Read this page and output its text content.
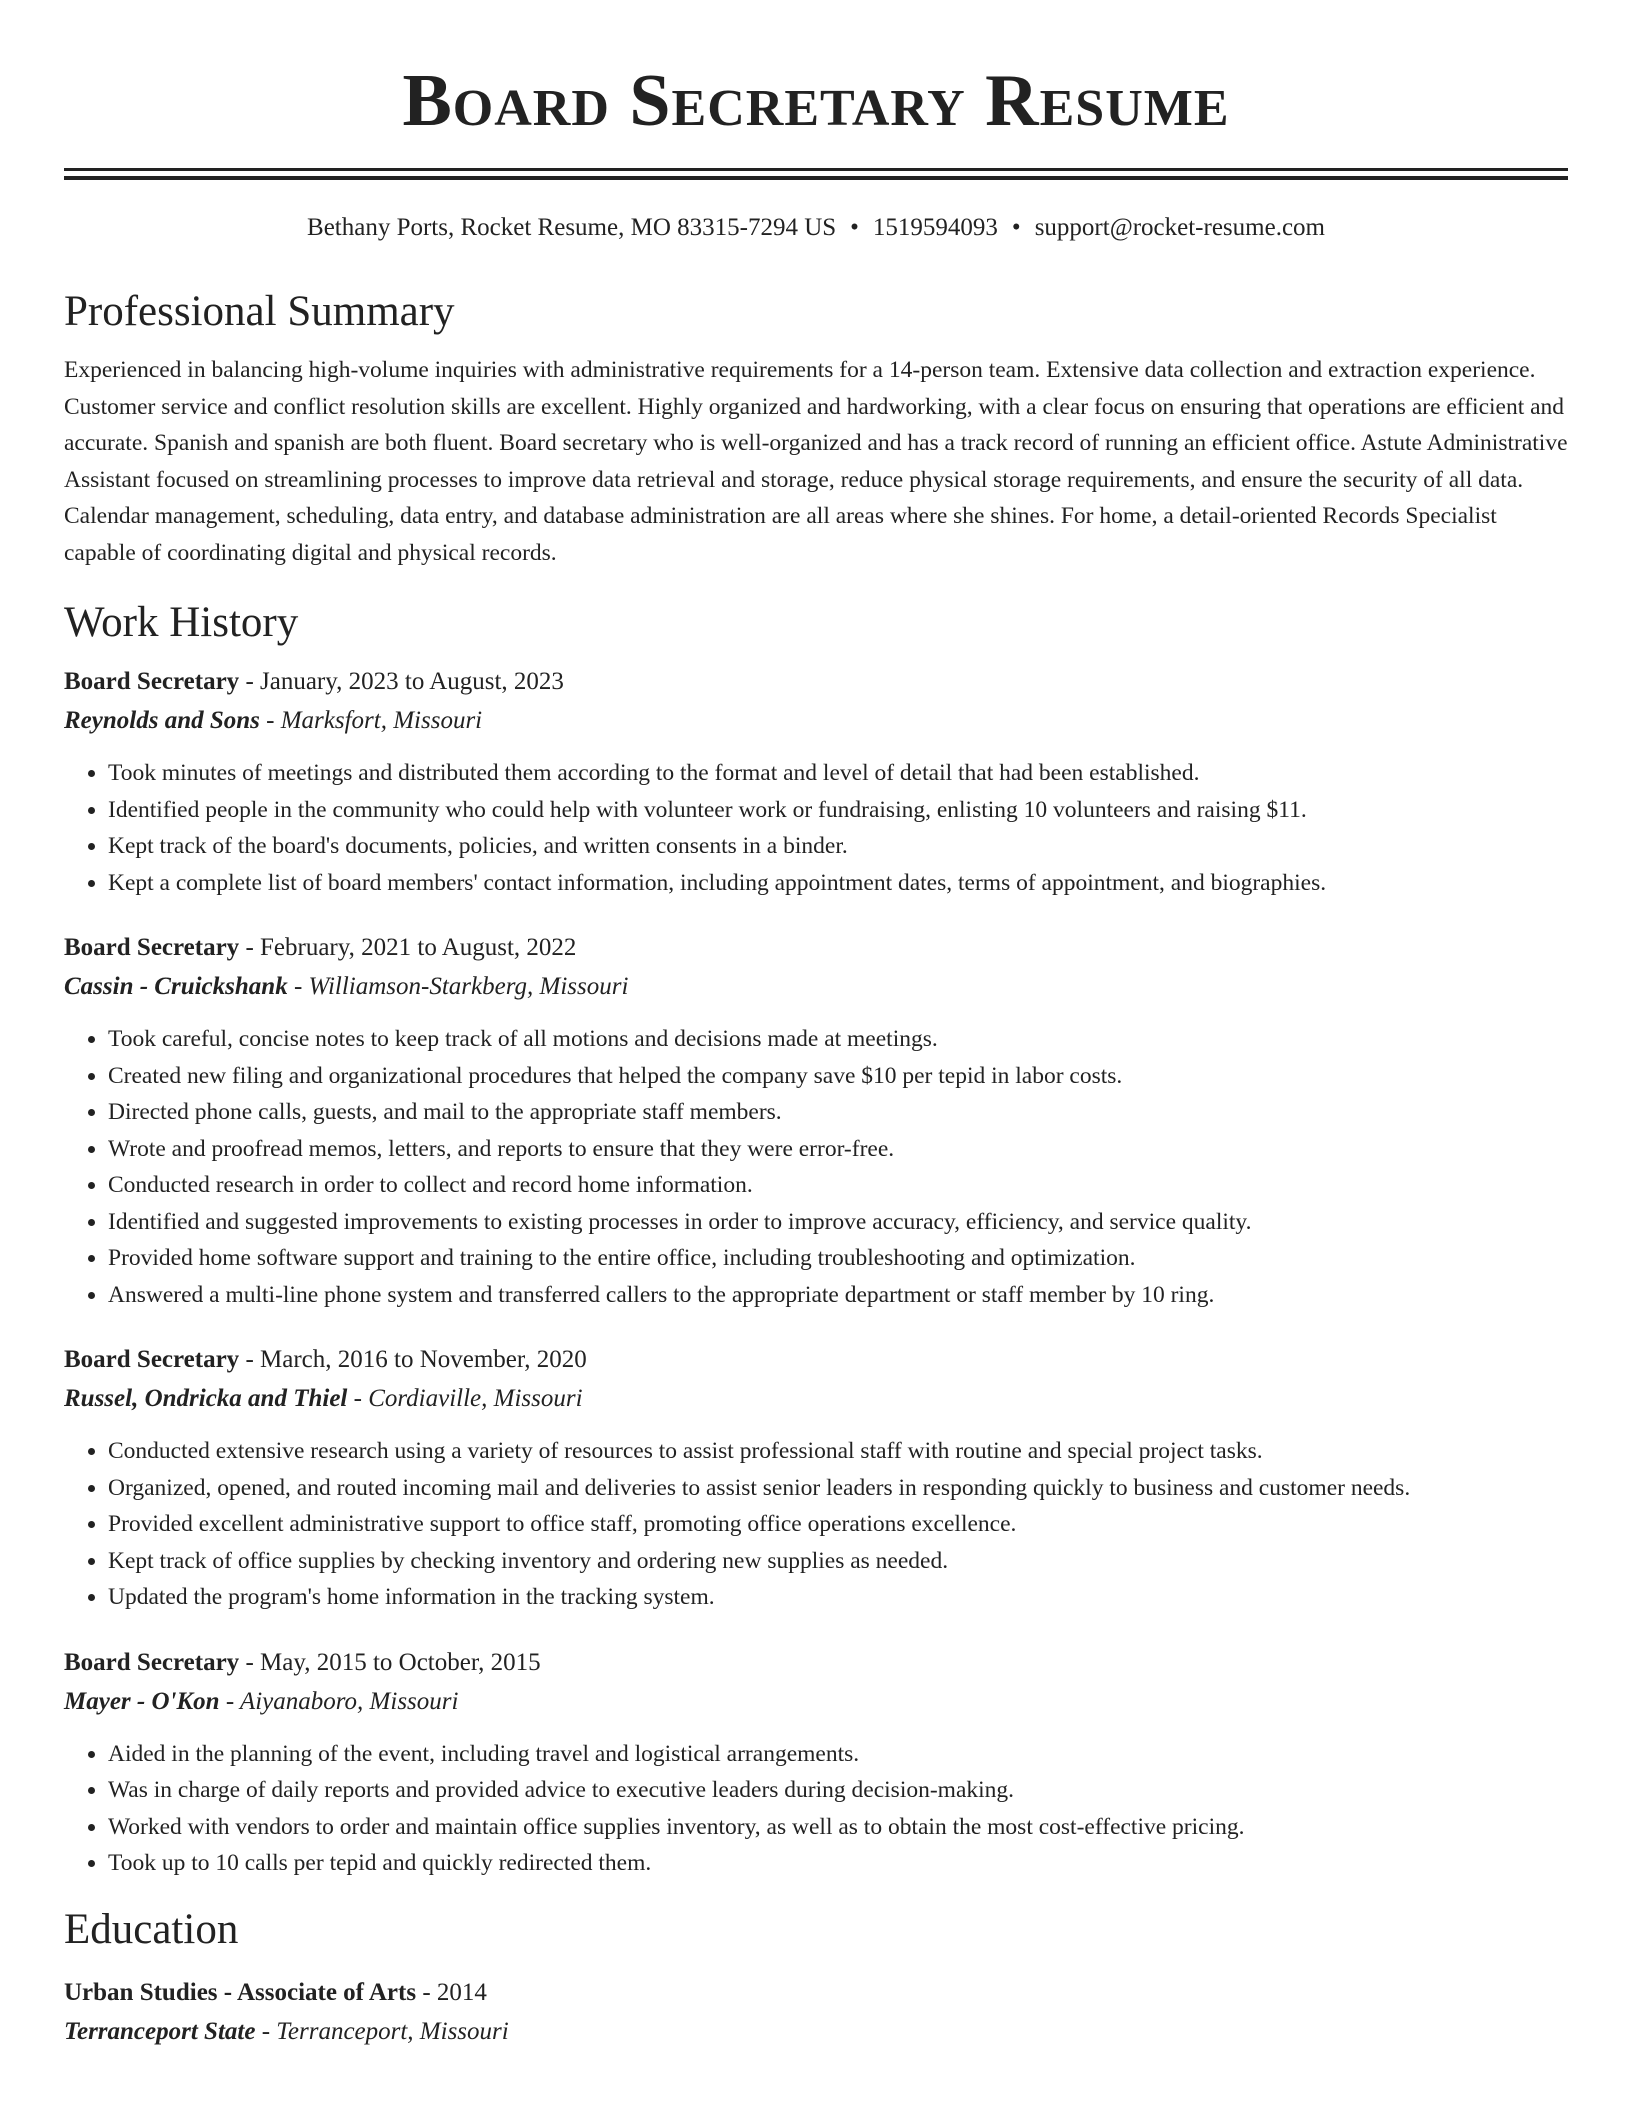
Board Secretary Resume
Bethany Ports, Rocket Resume, MO 83315-7294 US • 1519594093 • support@rocket-resume.com
Professional Summary

Experienced in balancing high-volume inquiries with administrative requirements for a 14-person team. Extensive data collection and extraction experience. Customer service and conflict resolution skills are excellent. Highly organized and hardworking, with a clear focus on ensuring that operations are efficient and accurate. Spanish and spanish are both fluent. Board secretary who is well-organized and has a track record of running an efficient office. Astute Administrative Assistant focused on streamlining processes to improve data retrieval and storage, reduce physical storage requirements, and ensure the security of all data. Calendar management, scheduling, data entry, and database administration are all areas where she shines. For home, a detail-oriented Records Specialist capable of coordinating digital and physical records.

Work History
Board Secretary - January, 2023 to August, 2023
Reynolds and Sons - Marksfort, Missouri
• Took minutes of meetings and distributed them according to the format and level of detail that had been established.
• Identified people in the community who could help with volunteer work or fundraising, enlisting 10 volunteers and raising $11.
• Kept track of the board's documents, policies, and written consents in a binder.
• Kept a complete list of board members' contact information, including appointment dates, terms of appointment, and biographies.
Board Secretary - February, 2021 to August, 2022
Cassin - Cruickshank - Williamson-Starkberg, Missouri
• Took careful, concise notes to keep track of all motions and decisions made at meetings.
• Created new filing and organizational procedures that helped the company save $10 per tepid in labor costs.
• Directed phone calls, guests, and mail to the appropriate staff members.
• Wrote and proofread memos, letters, and reports to ensure that they were error-free.
• Conducted research in order to collect and record home information.
• Identified and suggested improvements to existing processes in order to improve accuracy, efficiency, and service quality.
• Provided home software support and training to the entire office, including troubleshooting and optimization.
• Answered a multi-line phone system and transferred callers to the appropriate department or staff member by 10 ring.
Board Secretary - March, 2016 to November, 2020
Russel, Ondricka and Thiel - Cordiaville, Missouri
• Conducted extensive research using a variety of resources to assist professional staff with routine and special project tasks.
• Organized, opened, and routed incoming mail and deliveries to assist senior leaders in responding quickly to business and customer needs.
• Provided excellent administrative support to office staff, promoting office operations excellence.
• Kept track of office supplies by checking inventory and ordering new supplies as needed.
• Updated the program's home information in the tracking system.
Board Secretary - May, 2015 to October, 2015
Mayer - O'Kon - Aiyanaboro, Missouri
• Aided in the planning of the event, including travel and logistical arrangements.
• Was in charge of daily reports and provided advice to executive leaders during decision-making.
• Worked with vendors to order and maintain office supplies inventory, as well as to obtain the most cost-effective pricing.
• Took up to 10 calls per tepid and quickly redirected them.
Education
Urban Studies - Associate of Arts - 2014
Terranceport State - Terranceport, Missouri
